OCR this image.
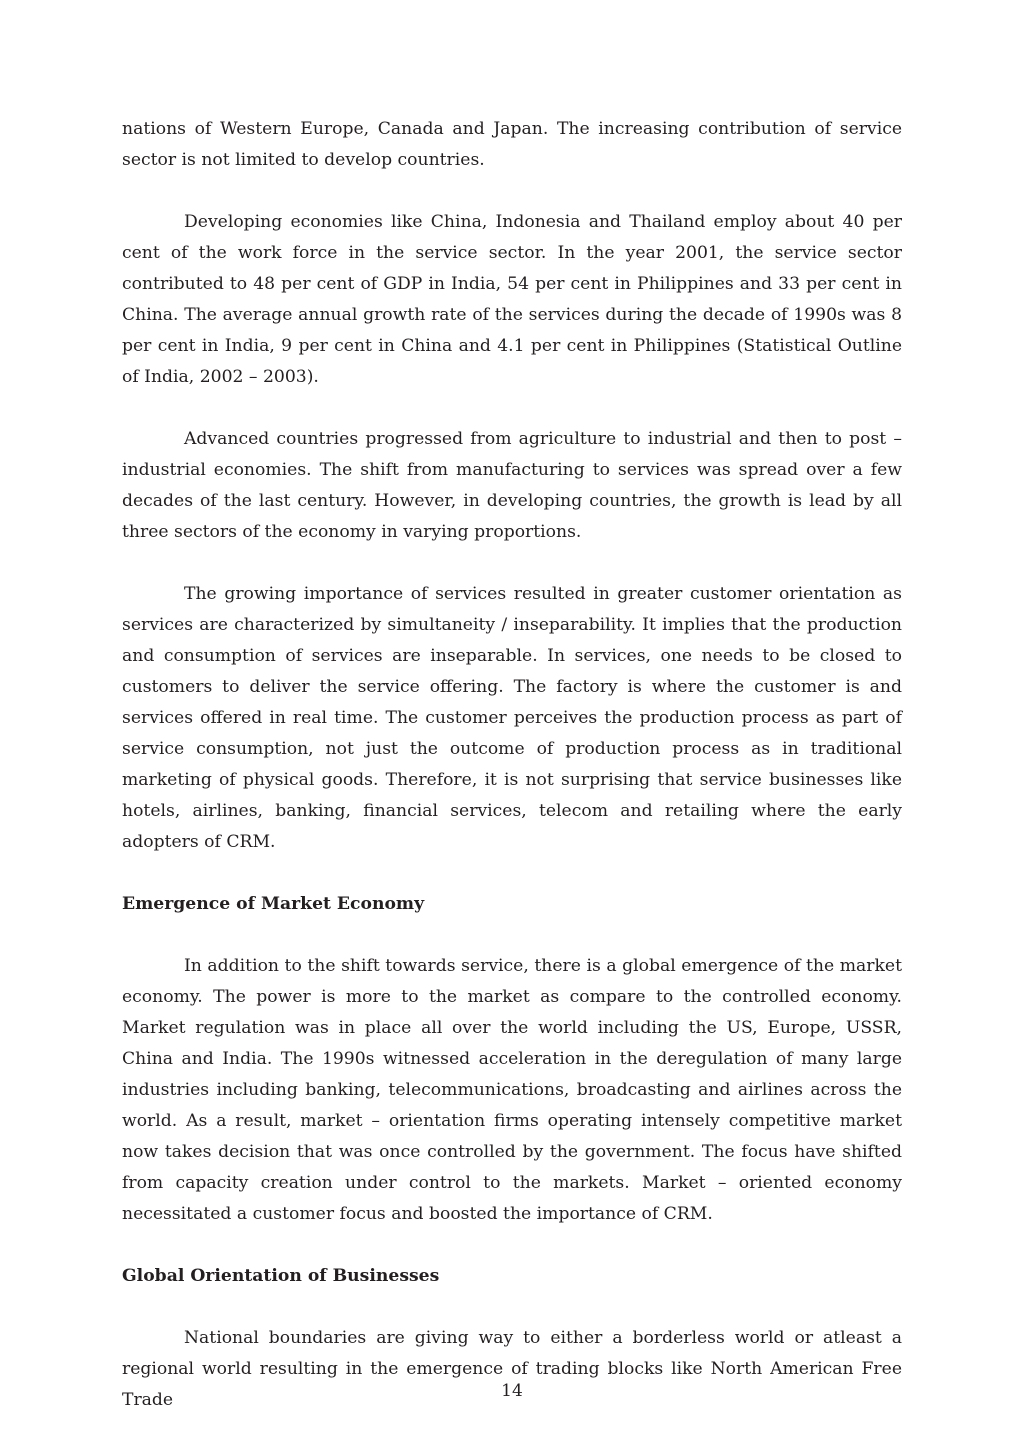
nations of Western Europe, Canada and Japan. The increasing contribution of service sector is not limited to develop countries.

Developing economies like China, Indonesia and Thailand employ about 40 per cent of the work force in the service sector. In the year 2001, the service sector contributed to 48 per cent of GDP in India, 54 per cent in Philippines and 33 per cent in China. The average annual growth rate of the services during the decade of 1990s was 8 per cent in India, 9 per cent in China and 4.1 per cent in Philippines (Statistical Outline of India, 2002 – 2003).

Advanced countries progressed from agriculture to industrial and then to post – industrial economies. The shift from manufacturing to services was spread over a few decades of the last century. However, in developing countries, the growth is lead by all three sectors of the economy in varying proportions.

The growing importance of services resulted in greater customer orientation as services are characterized by simultaneity / inseparability. It implies that the production and consumption of services are inseparable. In services, one needs to be closed to customers to deliver the service offering. The factory is where the customer is and services offered in real time. The customer perceives the production process as part of service consumption, not just the outcome of production process as in traditional marketing of physical goods. Therefore, it is not surprising that service businesses like hotels, airlines, banking, financial services, telecom and retailing where the early adopters of CRM.

Emergence of Market Economy

In addition to the shift towards service, there is a global emergence of the market economy. The power is more to the market as compare to the controlled economy. Market regulation was in place all over the world including the US, Europe, USSR, China and India. The 1990s witnessed acceleration in the deregulation of many large industries including banking, telecommunications, broadcasting and airlines across the world. As a result, market – orientation firms operating intensely competitive market now takes decision that was once controlled by the government. The focus have shifted from capacity creation under control to the markets. Market – oriented economy necessitated a customer focus and boosted the importance of CRM.

Global Orientation of Businesses

National boundaries are giving way to either a borderless world or atleast a regional world resulting in the emergence of trading blocks like North American Free Trade	14
